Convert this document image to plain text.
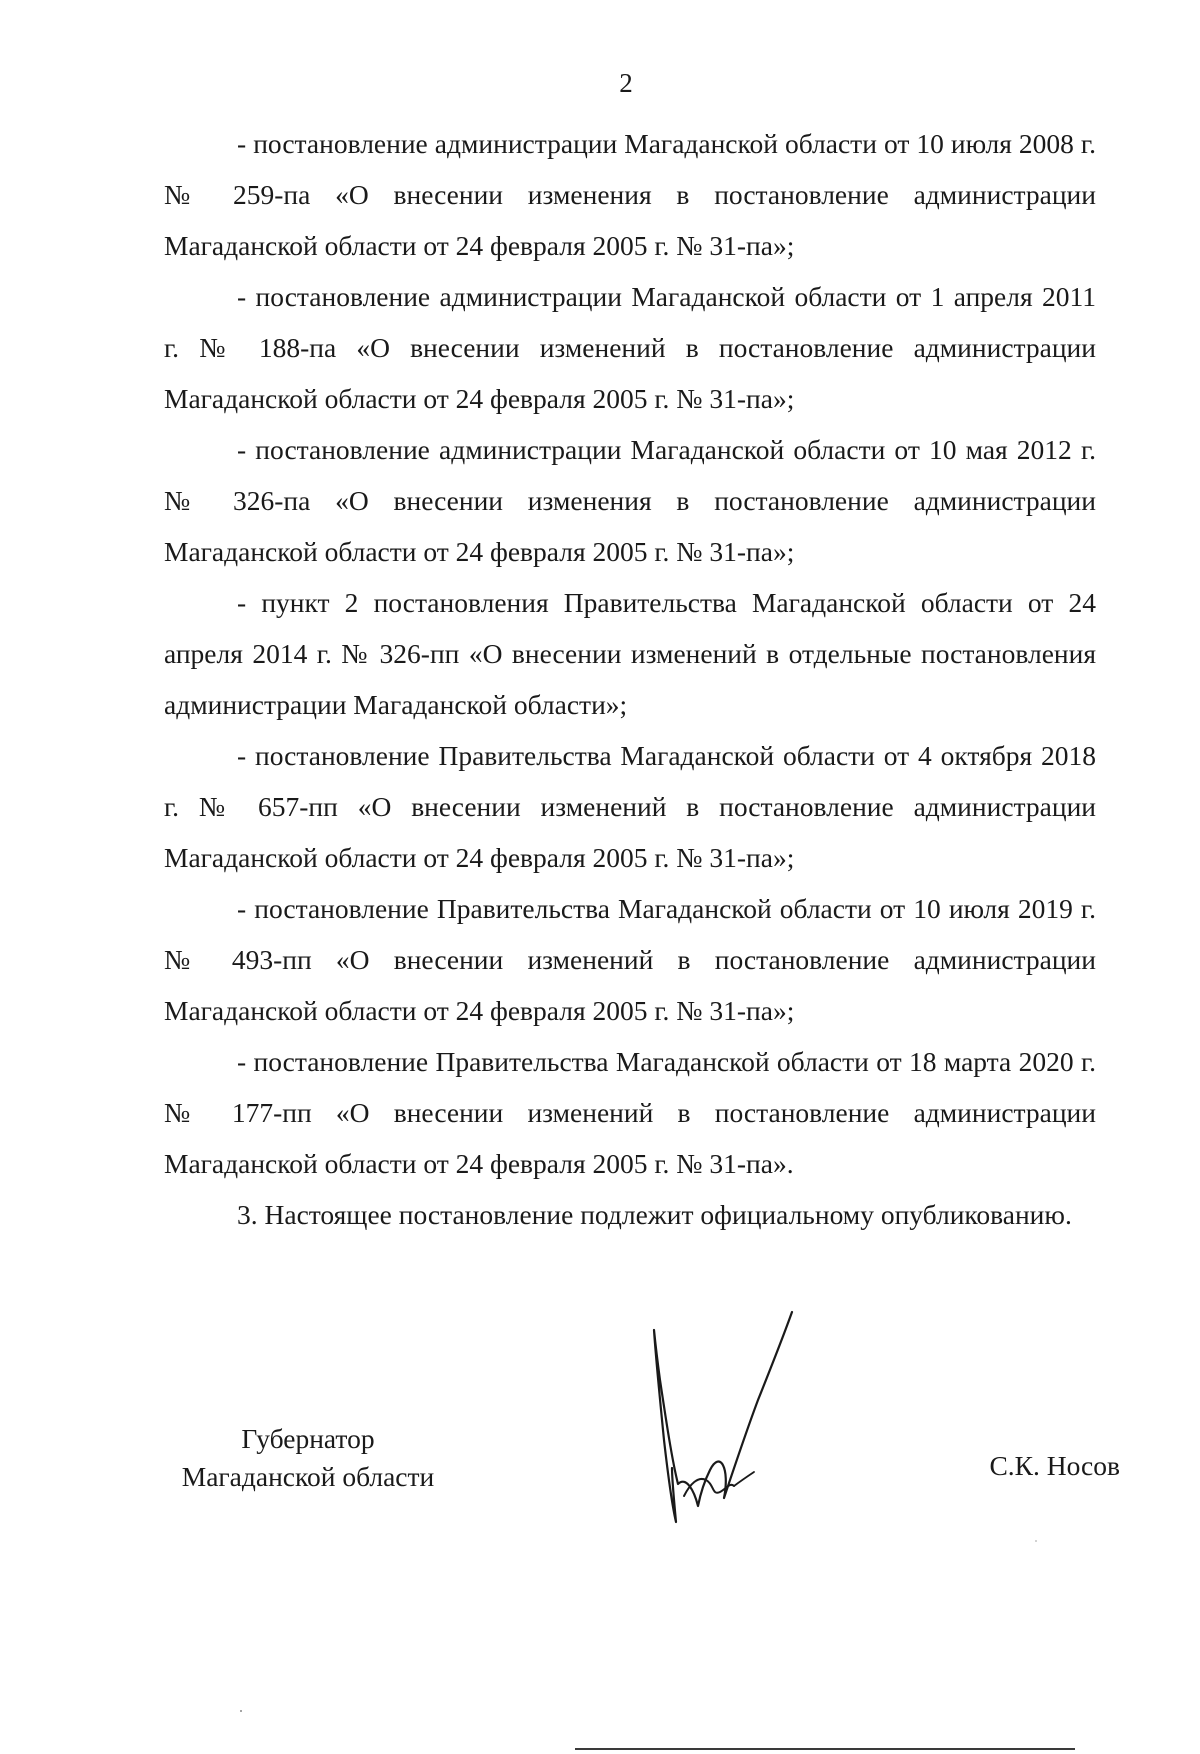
2

- постановление администрации Магаданской области от 10 июля 2008 г. № 259-па «О внесении изменения в постановление администрации Магаданской области от 24 февраля 2005 г. № 31-па»;

- постановление администрации Магаданской области от 1 апреля 2011 г. № 188-па «О внесении изменений в постановление администрации Магаданской области от 24 февраля 2005 г. № 31-па»;

- постановление администрации Магаданской области от 10 мая 2012 г. № 326-па «О внесении изменения в постановление администрации Магаданской области от 24 февраля 2005 г. № 31-па»;

- пункт 2 постановления Правительства Магаданской области от 24 апреля 2014 г. № 326-пп «О внесении изменений в отдельные постановления администрации Магаданской области»;

- постановление Правительства Магаданской области от 4 октября 2018 г. № 657-пп «О внесении изменений в постановление администрации Магаданской области от 24 февраля 2005 г. № 31-па»;

- постановление Правительства Магаданской области от 10 июля 2019 г. № 493-пп «О внесении изменений в постановление администрации Магаданской области от 24 февраля 2005 г. № 31-па»;

- постановление Правительства Магаданской области от 18 марта 2020 г. № 177-пп «О внесении изменений в постановление администрации Магаданской области от 24 февраля 2005 г. № 31-па».

3. Настоящее постановление подлежит официальному опубликованию.

Губернатор
Магаданской области	С.К. Носов
